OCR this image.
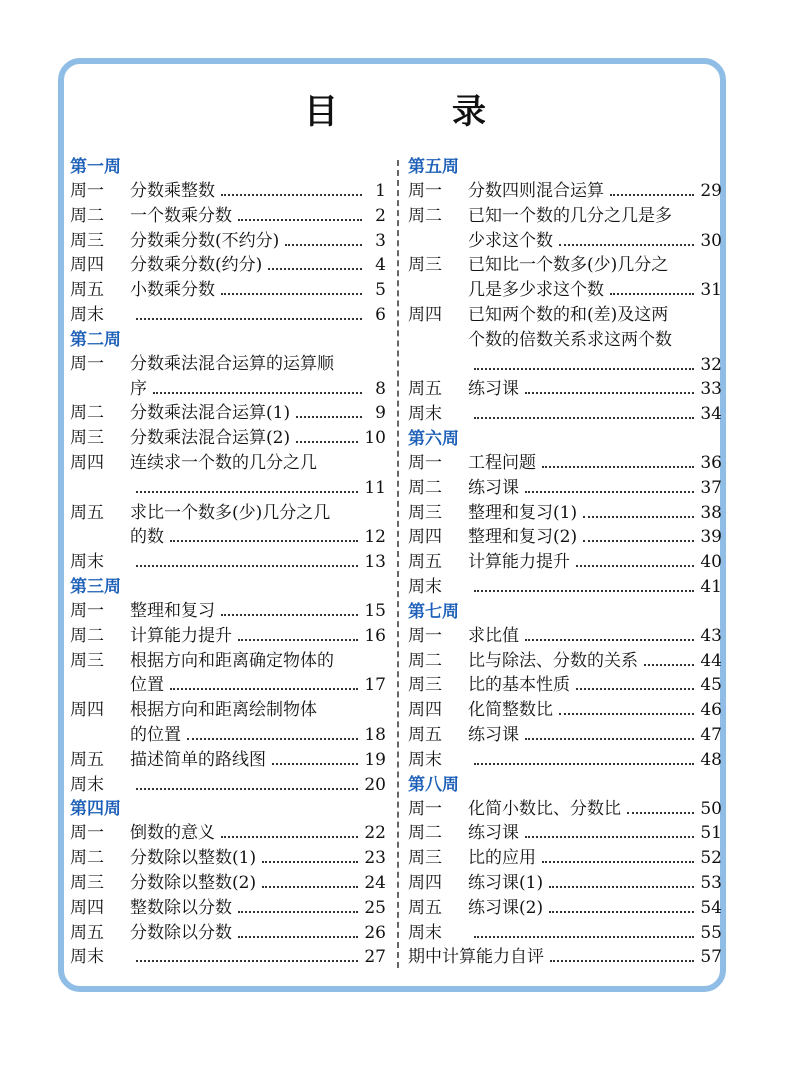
目　录
第一周
周一	分数乘整数	1
周二	一个数乘分数	2
周三	分数乘分数(不约分)	3
周四	分数乘分数(约分)	4
周五	小数乘分数	5
周末	6
第二周
周一	分数乘法混合运算的运算顺
序	8
周二	分数乘法混合运算(1)	9
周三	分数乘法混合运算(2)	10
周四	连续求一个数的几分之几
11
周五	求比一个数多(少)几分之几
的数	12
周末	13
第三周
周一	整理和复习	15
周二	计算能力提升	16
周三	根据方向和距离确定物体的
位置	17
周四	根据方向和距离绘制物体
的位置	18
周五	描述简单的路线图	19
周末	20
第四周
周一	倒数的意义	22
周二	分数除以整数(1)	23
周三	分数除以整数(2)	24
周四	整数除以分数	25
周五	分数除以分数	26
周末	27
第五周
周一	分数四则混合运算	29
周二	已知一个数的几分之几是多
少求这个数	30
周三	已知比一个数多(少)几分之
几是多少求这个数	31
周四	已知两个数的和(差)及这两
个数的倍数关系求这两个数
32
周五	练习课	33
周末	34
第六周
周一	工程问题	36
周二	练习课	37
周三	整理和复习(1)	38
周四	整理和复习(2)	39
周五	计算能力提升	40
周末	41
第七周
周一	求比值	43
周二	比与除法、分数的关系	44
周三	比的基本性质	45
周四	化简整数比	46
周五	练习课	47
周末	48
第八周
周一	化简小数比、分数比	50
周二	练习课	51
周三	比的应用	52
周四	练习课(1)	53
周五	练习课(2)	54
周末	55
期中计算能力自评	57
